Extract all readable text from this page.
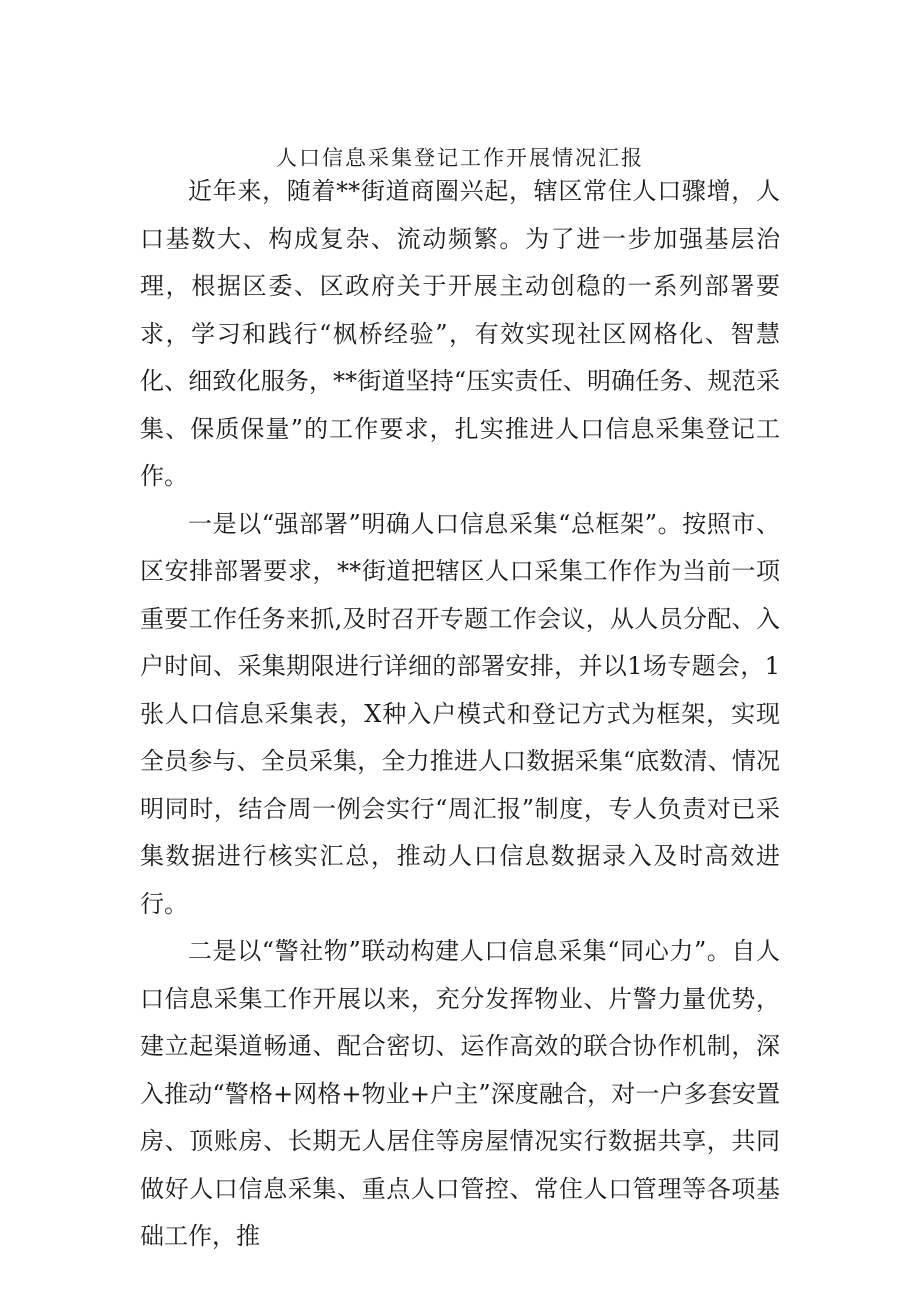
人口信息采集登记工作开展情况汇报

近年来，随着**街道商圈兴起，辖区常住人口骤增，人口基数大、构成复杂、流动频繁。为了进一步加强基层治理，根据区委、区政府关于开展主动创稳的一系列部署要求，学习和践行“枫桥经验”，有效实现社区网格化、智慧化、细致化服务，**街道坚持“压实责任、明确任务、规范采集、保质保量”的工作要求，扎实推进人口信息采集登记工作。

一是以“强部署”明确人口信息采集“总框架”。按照市、区安排部署要求，**街道把辖区人口采集工作作为当前一项重要工作任务来抓,及时召开专题工作会议，从人员分配、入户时间、采集期限进行详细的部署安排，并以1场专题会，1张人口信息采集表，X种入户模式和登记方式为框架，实现全员参与、全员采集，全力推进人口数据采集“底数清、情况明同时，结合周一例会实行“周汇报”制度，专人负责对已采集数据进行核实汇总，推动人口信息数据录入及时高效进行。

二是以“警社物”联动构建人口信息采集“同心力”。自人口信息采集工作开展以来，充分发挥物业、片警力量优势，建立起渠道畅通、配合密切、运作高效的联合协作机制，深入推动“警格+网格+物业+户主”深度融合，对一户多套安置房、顶账房、长期无人居住等房屋情况实行数据共享，共同做好人口信息采集、重点人口管控、常住人口管理等各项基础工作，推
